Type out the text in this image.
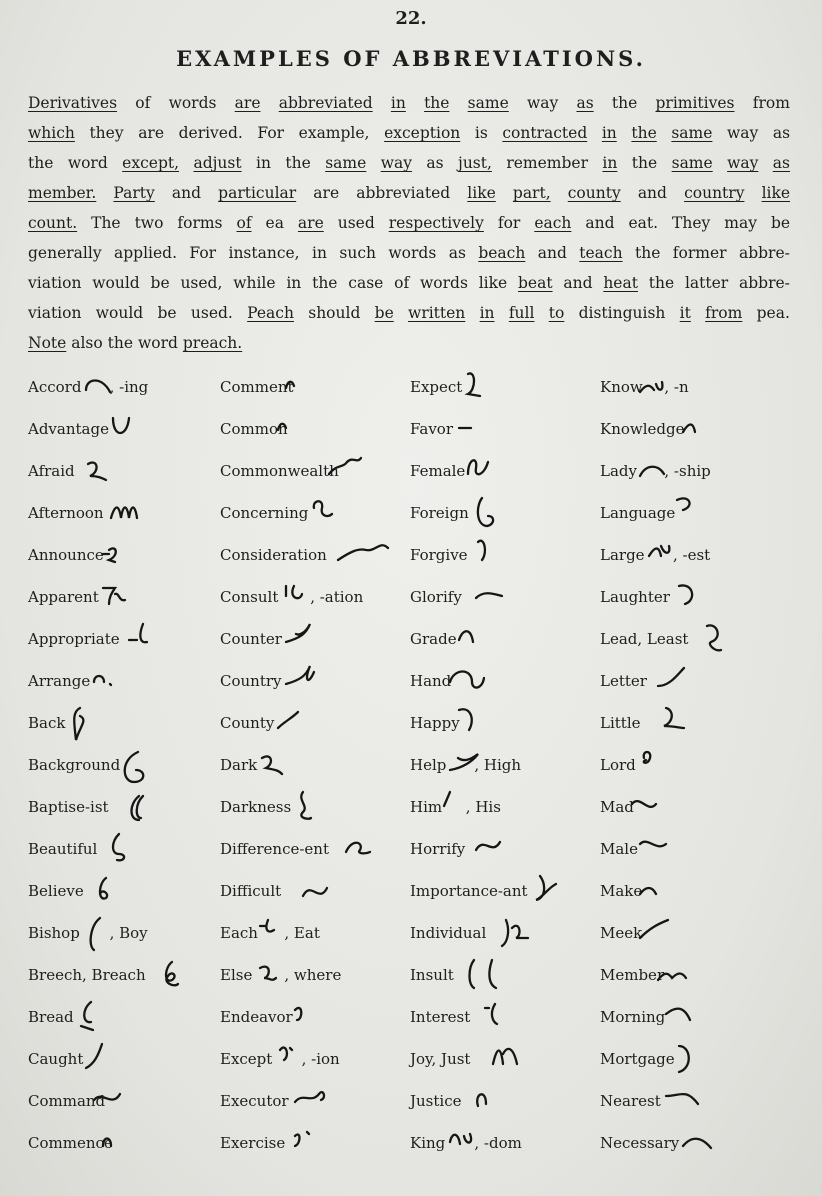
22.
EXAMPLES OF ABBREVIATIONS.
Derivatives of words are abbreviated in the same way as the primitives from
which they are derived. For example, exception is contracted in the same way as
the word except, adjust in the same way as just, remember in the same way as
member. Party and particular are abbreviated like part, county and country like
count. The two forms of ea are used respectively for each and eat. They may be
generally applied. For instance, in such words as beach and teach the former abbre-
viation would be used, while in the case of words like beat and heat the latter abbre-
viation would be used. Peach should be written in full to distinguish it from pea.
Note also the word preach.
Accord , -ing
Advantage
Afraid
Afternoon
Announce
Apparent
Appropriate
Arrange
Back
Background
Baptise-ist
Beautiful
Believe
Bishop , Boy
Breech, Breach
Bread
Caught
Command
Commence
Comment
Common
Commonwealth
Concerning
Consideration
Consult , -ation
Counter
Country
County
Dark
Darkness
Difference-ent
Difficult
Each , Eat
Else , where
Endeavor
Except , -ion
Executor
Exercise
Expect
Favor
Female
Foreign
Forgive
Glorify
Grade
Hand
Happy
Help , High
Him , His
Horrify
Importance-ant
Individual
Insult
Interest
Joy, Just
Justice
King , -dom
Know , -n
Knowledge
Lady , -ship
Language
Large , -est
Laughter
Lead, Least
Letter
Little
Lord
Mad
Male
Make
Meek
Member
Morning
Mortgage
Nearest
Necessary
